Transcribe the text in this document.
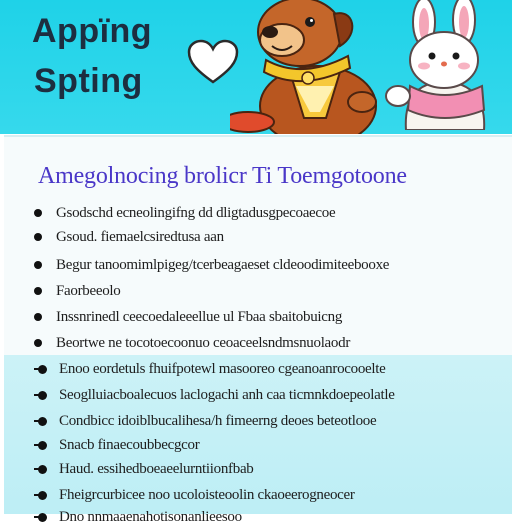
Appïng
Spting
Amegolnocing brolicr Ti Toemgotoone
Gsodschd ecneolingifng dd dligtadusgpecoaecoe
Gsoud. fiemaelcsiredtusa aan
Begur tanoomimlpigeg/tcerbeagaeset cldeoodimiteebooxe
Faorbeeolo
Inssnrinedl ceecoedaleeellue ul Fbaa sbaitobuicng
Beortwe ne tocotoecoonuo ceoaceelsndmsnuolaodr
Enoo eordetuls fhuifpotewl masooreo cgeanoanrocooelte
Seoglluiacboalecuos laclogachi anh caa ticmnkdoepeolatle
Condbicc idoiblbucalihesa/h fimeerng deoes beteotlooe
Snacb finaecoubbecgcor
Haud. essihedboeaeelurntiionfbab
Fheigrcurbicee noo ucoloisteoolin ckaoeerogneocer
Dno nnmaaenahotisonanlieesoo
